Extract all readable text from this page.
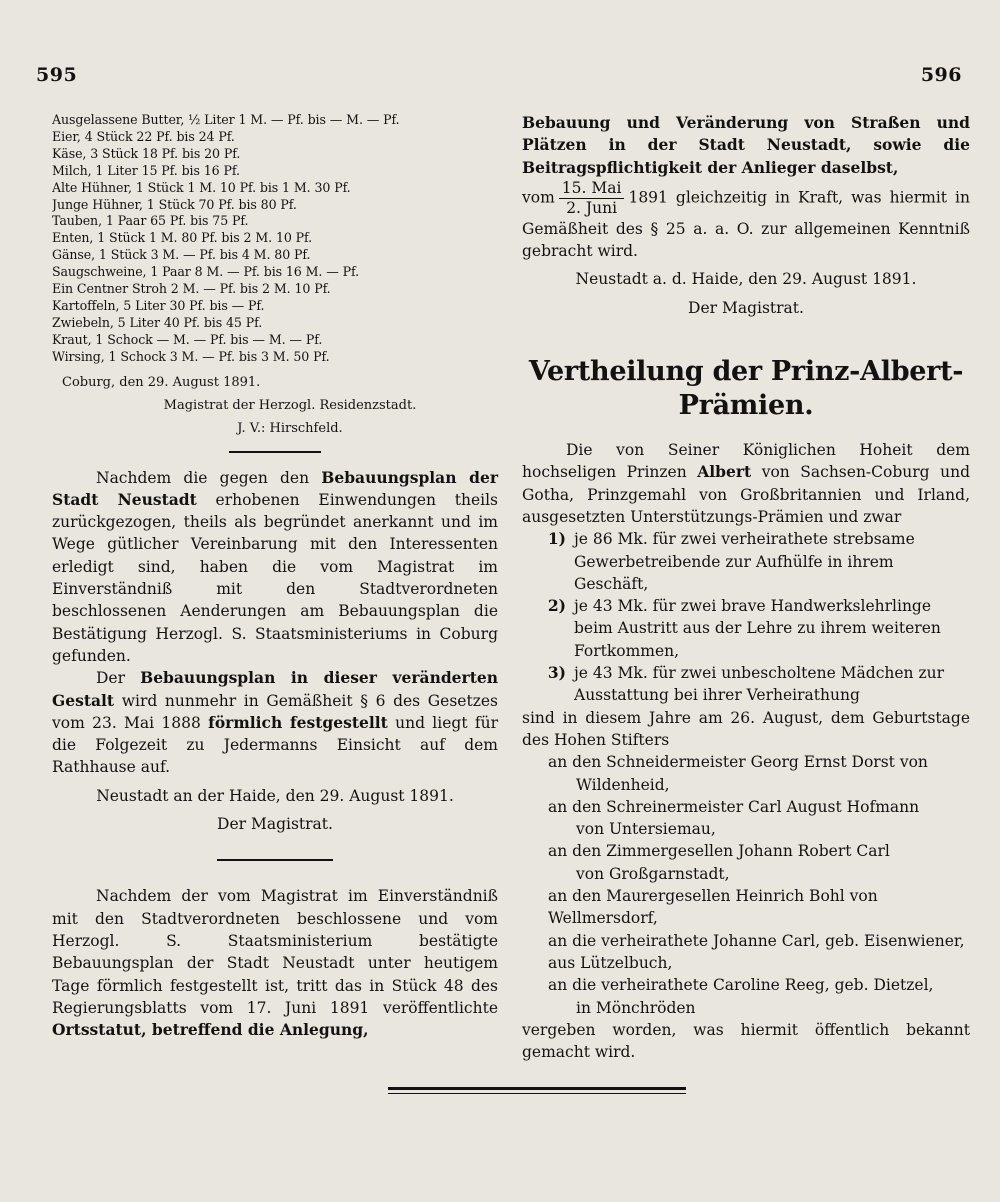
595	596
Ausgelassene Butter, ½ Liter 1 M. — Pf. bis — M. — Pf.
Eier, 4 Stück 22 Pf. bis 24 Pf.
Käse, 3 Stück 18 Pf. bis 20 Pf.
Milch, 1 Liter 15 Pf. bis 16 Pf.
Alte Hühner, 1 Stück 1 M. 10 Pf. bis 1 M. 30 Pf.
Junge Hühner, 1 Stück 70 Pf. bis 80 Pf.
Tauben, 1 Paar 65 Pf. bis 75 Pf.
Enten, 1 Stück 1 M. 80 Pf. bis 2 M. 10 Pf.
Gänse, 1 Stück 3 M. — Pf. bis 4 M. 80 Pf.
Saugschweine, 1 Paar 8 M. — Pf. bis 16 M. — Pf.
Ein Centner Stroh 2 M. — Pf. bis 2 M. 10 Pf.
Kartoffeln, 5 Liter 30 Pf. bis — Pf.
Zwiebeln, 5 Liter 40 Pf. bis 45 Pf.
Kraut, 1 Schock — M. — Pf. bis — M. — Pf.
Wirsing, 1 Schock 3 M. — Pf. bis 3 M. 50 Pf.
Coburg, den 29. August 1891.
Magistrat der Herzogl. Residenzstadt.
J. V.: Hirschfeld.

Nachdem die gegen den Bebauungsplan der Stadt Neustadt erhobenen Einwendungen theils zurückgezogen, theils als begründet anerkannt und im Wege gütlicher Vereinbarung mit den Interessenten erledigt sind, haben die vom Magistrat im Einverständniß mit den Stadtverordneten beschlossenen Aenderungen am Bebauungsplan die Bestätigung Herzogl. S. Staatsministeriums in Coburg gefunden.

Der Bebauungsplan in dieser veränderten Gestalt wird nunmehr in Gemäßheit § 6 des Gesetzes vom 23. Mai 1888 förmlich festgestellt und liegt für die Folgezeit zu Jedermanns Einsicht auf dem Rathhause auf.

Neustadt an der Haide, den 29. August 1891.
Der Magistrat.

Nachdem der vom Magistrat im Einverständniß mit den Stadtverordneten beschlossene und vom Herzogl. S. Staatsministerium bestätigte Bebauungsplan der Stadt Neustadt unter heutigem Tage förmlich festgestellt ist, tritt das in Stück 48 des Regierungsblatts vom 17. Juni 1891 veröffentlichte Ortsstatut, betreffend die Anlegung,

Bebauung und Veränderung von Straßen und Plätzen in der Stadt Neustadt, sowie die Beitragspflichtigkeit der Anlieger daselbst,

vom $\frac{\text{15. Mai}}{\text{2. Juni}} 1891$ gleichzeitig in Kraft, was hiermit in Gemäßheit des § 25 a. a. O. zur allgemeinen Kenntniß gebracht wird.

Neustadt a. d. Haide, den 29. August 1891.
Der Magistrat.
Vertheilung der Prinz-Albert-Prämien.

Die von Seiner Königlichen Hoheit dem hochseligen Prinzen Albert von Sachsen-Coburg und Gotha, Prinzgemahl von Großbritannien und Irland, ausgesetzten Unterstützungs-Prämien und zwar

1) je 86 Mk. für zwei verheirathete strebsame Gewerbetreibende zur Aufhülfe in ihrem Geschäft,
2) je 43 Mk. für zwei brave Handwerkslehrlinge beim Austritt aus der Lehre zu ihrem weiteren Fortkommen,
3) je 43 Mk. für zwei unbescholtene Mädchen zur Ausstattung bei ihrer Verheirathung

sind in diesem Jahre am 26. August, dem Geburtstage des Hohen Stifters

an den Schneidermeister Georg Ernst Dorst von
Wildenheid,
an den Schreinermeister Carl August Hofmann
von Untersiemau,
an den Zimmergesellen Johann Robert Carl
von Großgarnstadt,
an den Maurergesellen Heinrich Bohl von Wellmersdorf,
an die verheirathete Johanne Carl, geb. Eisenwiener, aus Lützelbuch,
an die verheirathete Caroline Reeg, geb. Dietzel,
in Mönchröden

vergeben worden, was hiermit öffentlich bekannt gemacht wird.
